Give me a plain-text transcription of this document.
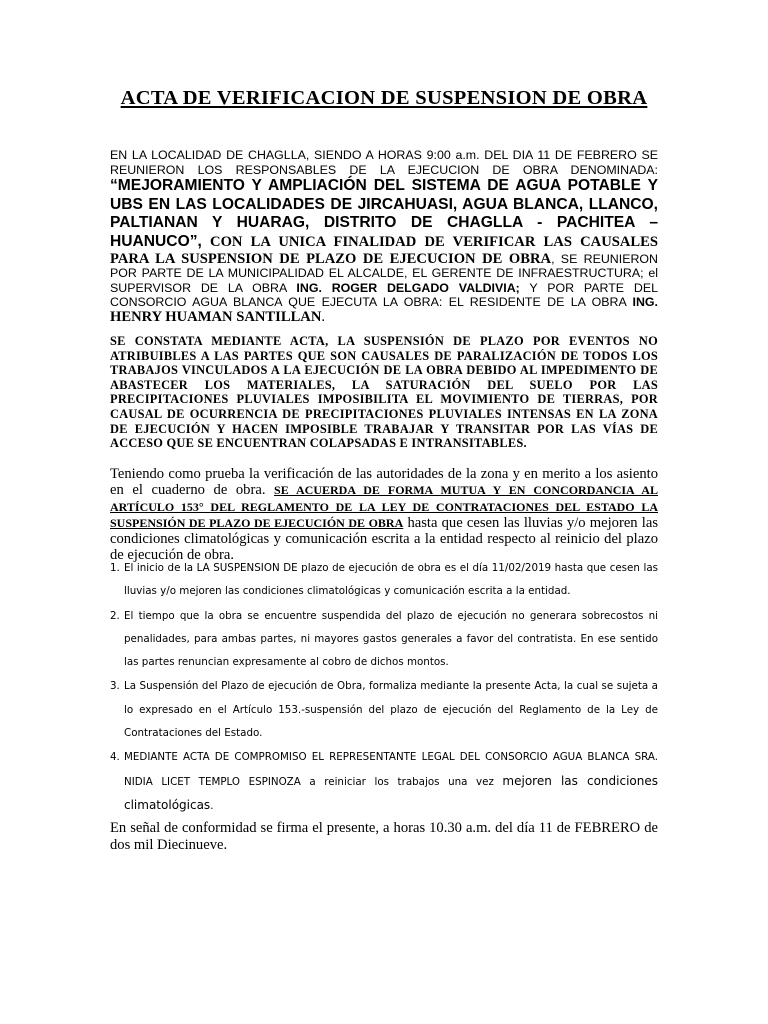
ACTA DE VERIFICACION DE SUSPENSION DE OBRA
EN LA LOCALIDAD DE CHAGLLA, SIENDO A HORAS 9:00 a.m. DEL DIA 11 DE FEBRERO SE REUNIERON LOS RESPONSABLES DE LA EJECUCION DE OBRA DENOMINADA: “MEJORAMIENTO Y AMPLIACIÓN DEL SISTEMA DE AGUA POTABLE Y UBS EN LAS LOCALIDADES DE JIRCAHUASI, AGUA BLANCA, LLANCO, PALTIANAN Y HUARAG, DISTRITO DE CHAGLLA - PACHITEA – HUANUCO”, CON LA UNICA FINALIDAD DE VERIFICAR LAS CAUSALES PARA LA SUSPENSION DE PLAZO DE EJECUCION DE OBRA, SE REUNIERON POR PARTE DE LA MUNICIPALIDAD EL ALCALDE, EL GERENTE DE INFRAESTRUCTURA; el SUPERVISOR DE LA OBRA ING. ROGER DELGADO VALDIVIA; Y POR PARTE DEL CONSORCIO AGUA BLANCA QUE EJECUTA LA OBRA: EL RESIDENTE DE LA OBRA ING. HENRY HUAMAN SANTILLAN.
SE CONSTATA MEDIANTE ACTA, LA SUSPENSIÓN DE PLAZO POR EVENTOS NO ATRIBUIBLES A LAS PARTES QUE SON CAUSALES DE PARALIZACIÓN DE TODOS LOS TRABAJOS VINCULADOS A LA EJECUCIÓN DE LA OBRA DEBIDO AL IMPEDIMENTO DE ABASTECER LOS MATERIALES, LA SATURACIÓN DEL SUELO POR LAS PRECIPITACIONES PLUVIALES IMPOSIBILITA EL MOVIMIENTO DE TIERRAS, POR CAUSAL DE OCURRENCIA DE PRECIPITACIONES PLUVIALES INTENSAS EN LA ZONA DE EJECUCIÓN Y HACEN IMPOSIBLE TRABAJAR Y TRANSITAR POR LAS VÍAS DE ACCESO QUE SE ENCUENTRAN COLAPSADAS E INTRANSITABLES.
Teniendo como prueba la verificación de las autoridades de la zona y en merito a los asiento en el cuaderno de obra. SE ACUERDA DE FORMA MUTUA Y EN CONCORDANCIA AL ARTÍCULO 153° DEL REGLAMENTO DE LA LEY DE CONTRATACIONES DEL ESTADO LA SUSPENSIÓN DE PLAZO DE EJECUCIÓN DE OBRA hasta que cesen las lluvias y/o mejoren las condiciones climatológicas y comunicación escrita a la entidad respecto al reinicio del plazo de ejecución de obra.
1. El inicio de la LA SUSPENSION DE plazo de ejecución de obra es el día 11/02/2019 hasta que cesen las lluvias y/o mejoren las condiciones climatológicas y comunicación escrita a la entidad.
2. El tiempo que la obra se encuentre suspendida del plazo de ejecución no generara sobrecostos ni penalidades, para ambas partes, ni mayores gastos generales a favor del contratista. En ese sentido las partes renuncian expresamente al cobro de dichos montos.
3. La Suspensión del Plazo de ejecución de Obra, formaliza mediante la presente Acta, la cual se sujeta a lo expresado en el Artículo 153.-suspensión del plazo de ejecución del Reglamento de la Ley de Contrataciones del Estado.
4. MEDIANTE ACTA DE COMPROMISO EL REPRESENTANTE LEGAL DEL CONSORCIO AGUA BLANCA SRA. NIDIA LICET TEMPLO ESPINOZA a reiniciar los trabajos una vez mejoren las condiciones climatológicas.
En señal de conformidad se firma el presente, a horas 10.30 a.m. del día 11 de FEBRERO de dos mil Diecinueve.
